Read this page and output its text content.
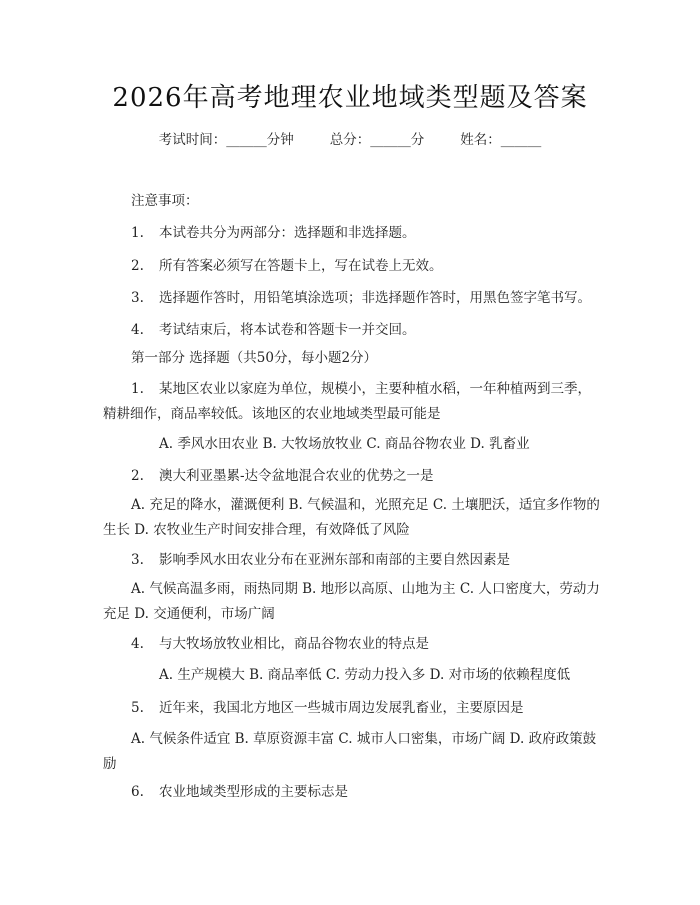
2026年高考地理农业地域类型题及答案
考试时间：______分钟	总分：______分	姓名：______
注意事项：
1. 本试卷共分为两部分：选择题和非选择题。
2. 所有答案必须写在答题卡上，写在试卷上无效。
3. 选择题作答时，用铅笔填涂选项；非选择题作答时，用黑色签字笔书写。
4. 考试结束后，将本试卷和答题卡一并交回。
第一部分 选择题（共50分，每小题2分）
1. 某地区农业以家庭为单位，规模小，主要种植水稻，一年种植两到三季，精耕细作，商品率较低。该地区的农业地域类型最可能是
A. 季风水田农业 B. 大牧场放牧业 C. 商品谷物农业 D. 乳畜业
2. 澳大利亚墨累-达令盆地混合农业的优势之一是
A. 充足的降水，灌溉便利 B. 气候温和，光照充足 C. 土壤肥沃，适宜多作物的生长 D. 农牧业生产时间安排合理，有效降低了风险
3. 影响季风水田农业分布在亚洲东部和南部的主要自然因素是
A. 气候高温多雨，雨热同期 B. 地形以高原、山地为主 C. 人口密度大，劳动力充足 D. 交通便利，市场广阔
4. 与大牧场放牧业相比，商品谷物农业的特点是
A. 生产规模大 B. 商品率低 C. 劳动力投入多 D. 对市场的依赖程度低
5. 近年来，我国北方地区一些城市周边发展乳畜业，主要原因是
A. 气候条件适宜 B. 草原资源丰富 C. 城市人口密集，市场广阔 D. 政府政策鼓励
6. 农业地域类型形成的主要标志是
